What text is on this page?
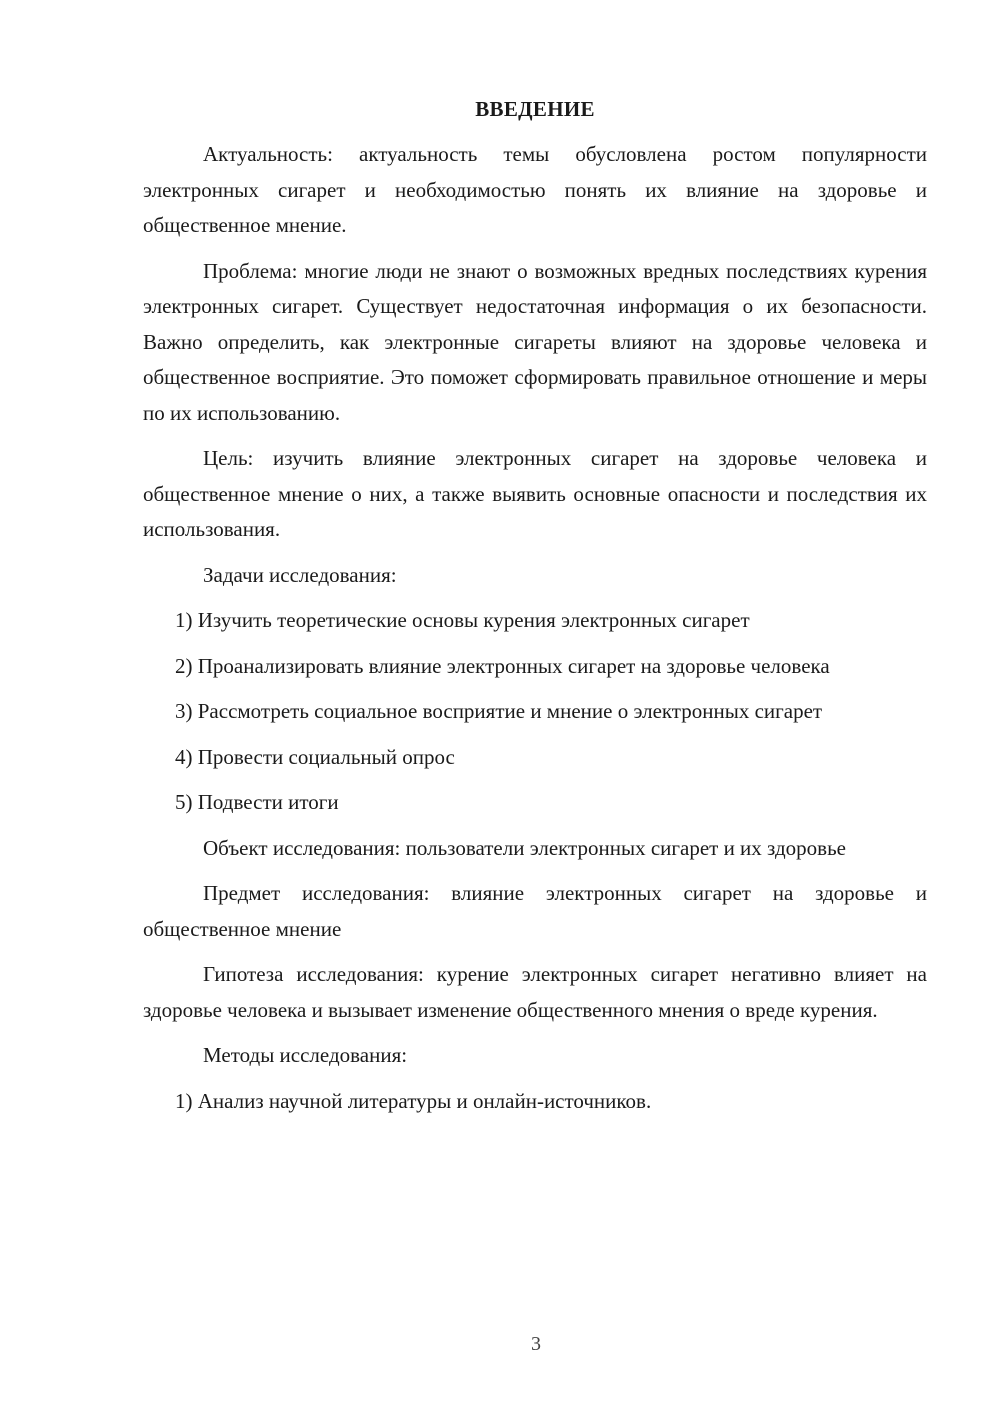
ВВЕДЕНИЕ

Актуальность: актуальность темы обусловлена ростом популярности электронных сигарет и необходимостью понять их влияние на здоровье и общественное мнение.

Проблема: многие люди не знают о возможных вредных последствиях курения электронных сигарет. Существует недостаточная информация о их безопасности. Важно определить, как электронные сигареты влияют на здоровье человека и общественное восприятие. Это поможет сформировать правильное отношение и меры по их использованию.

Цель: изучить влияние электронных сигарет на здоровье человека и общественное мнение о них, а также выявить основные опасности и последствия их использования.

Задачи исследования:

1) Изучить теоретические основы курения электронных сигарет

2) Проанализировать влияние электронных сигарет на здоровье человека

3) Рассмотреть социальное восприятие и мнение о электронных сигарет

4) Провести социальный опрос

5) Подвести итоги

Объект исследования: пользователи электронных сигарет и их здоровье

Предмет исследования: влияние электронных сигарет на здоровье и общественное мнение

Гипотеза исследования: курение электронных сигарет негативно влияет на здоровье человека и вызывает изменение общественного мнения о вреде курения.

Методы исследования:

1) Анализ научной литературы и онлайн-источников.

3
